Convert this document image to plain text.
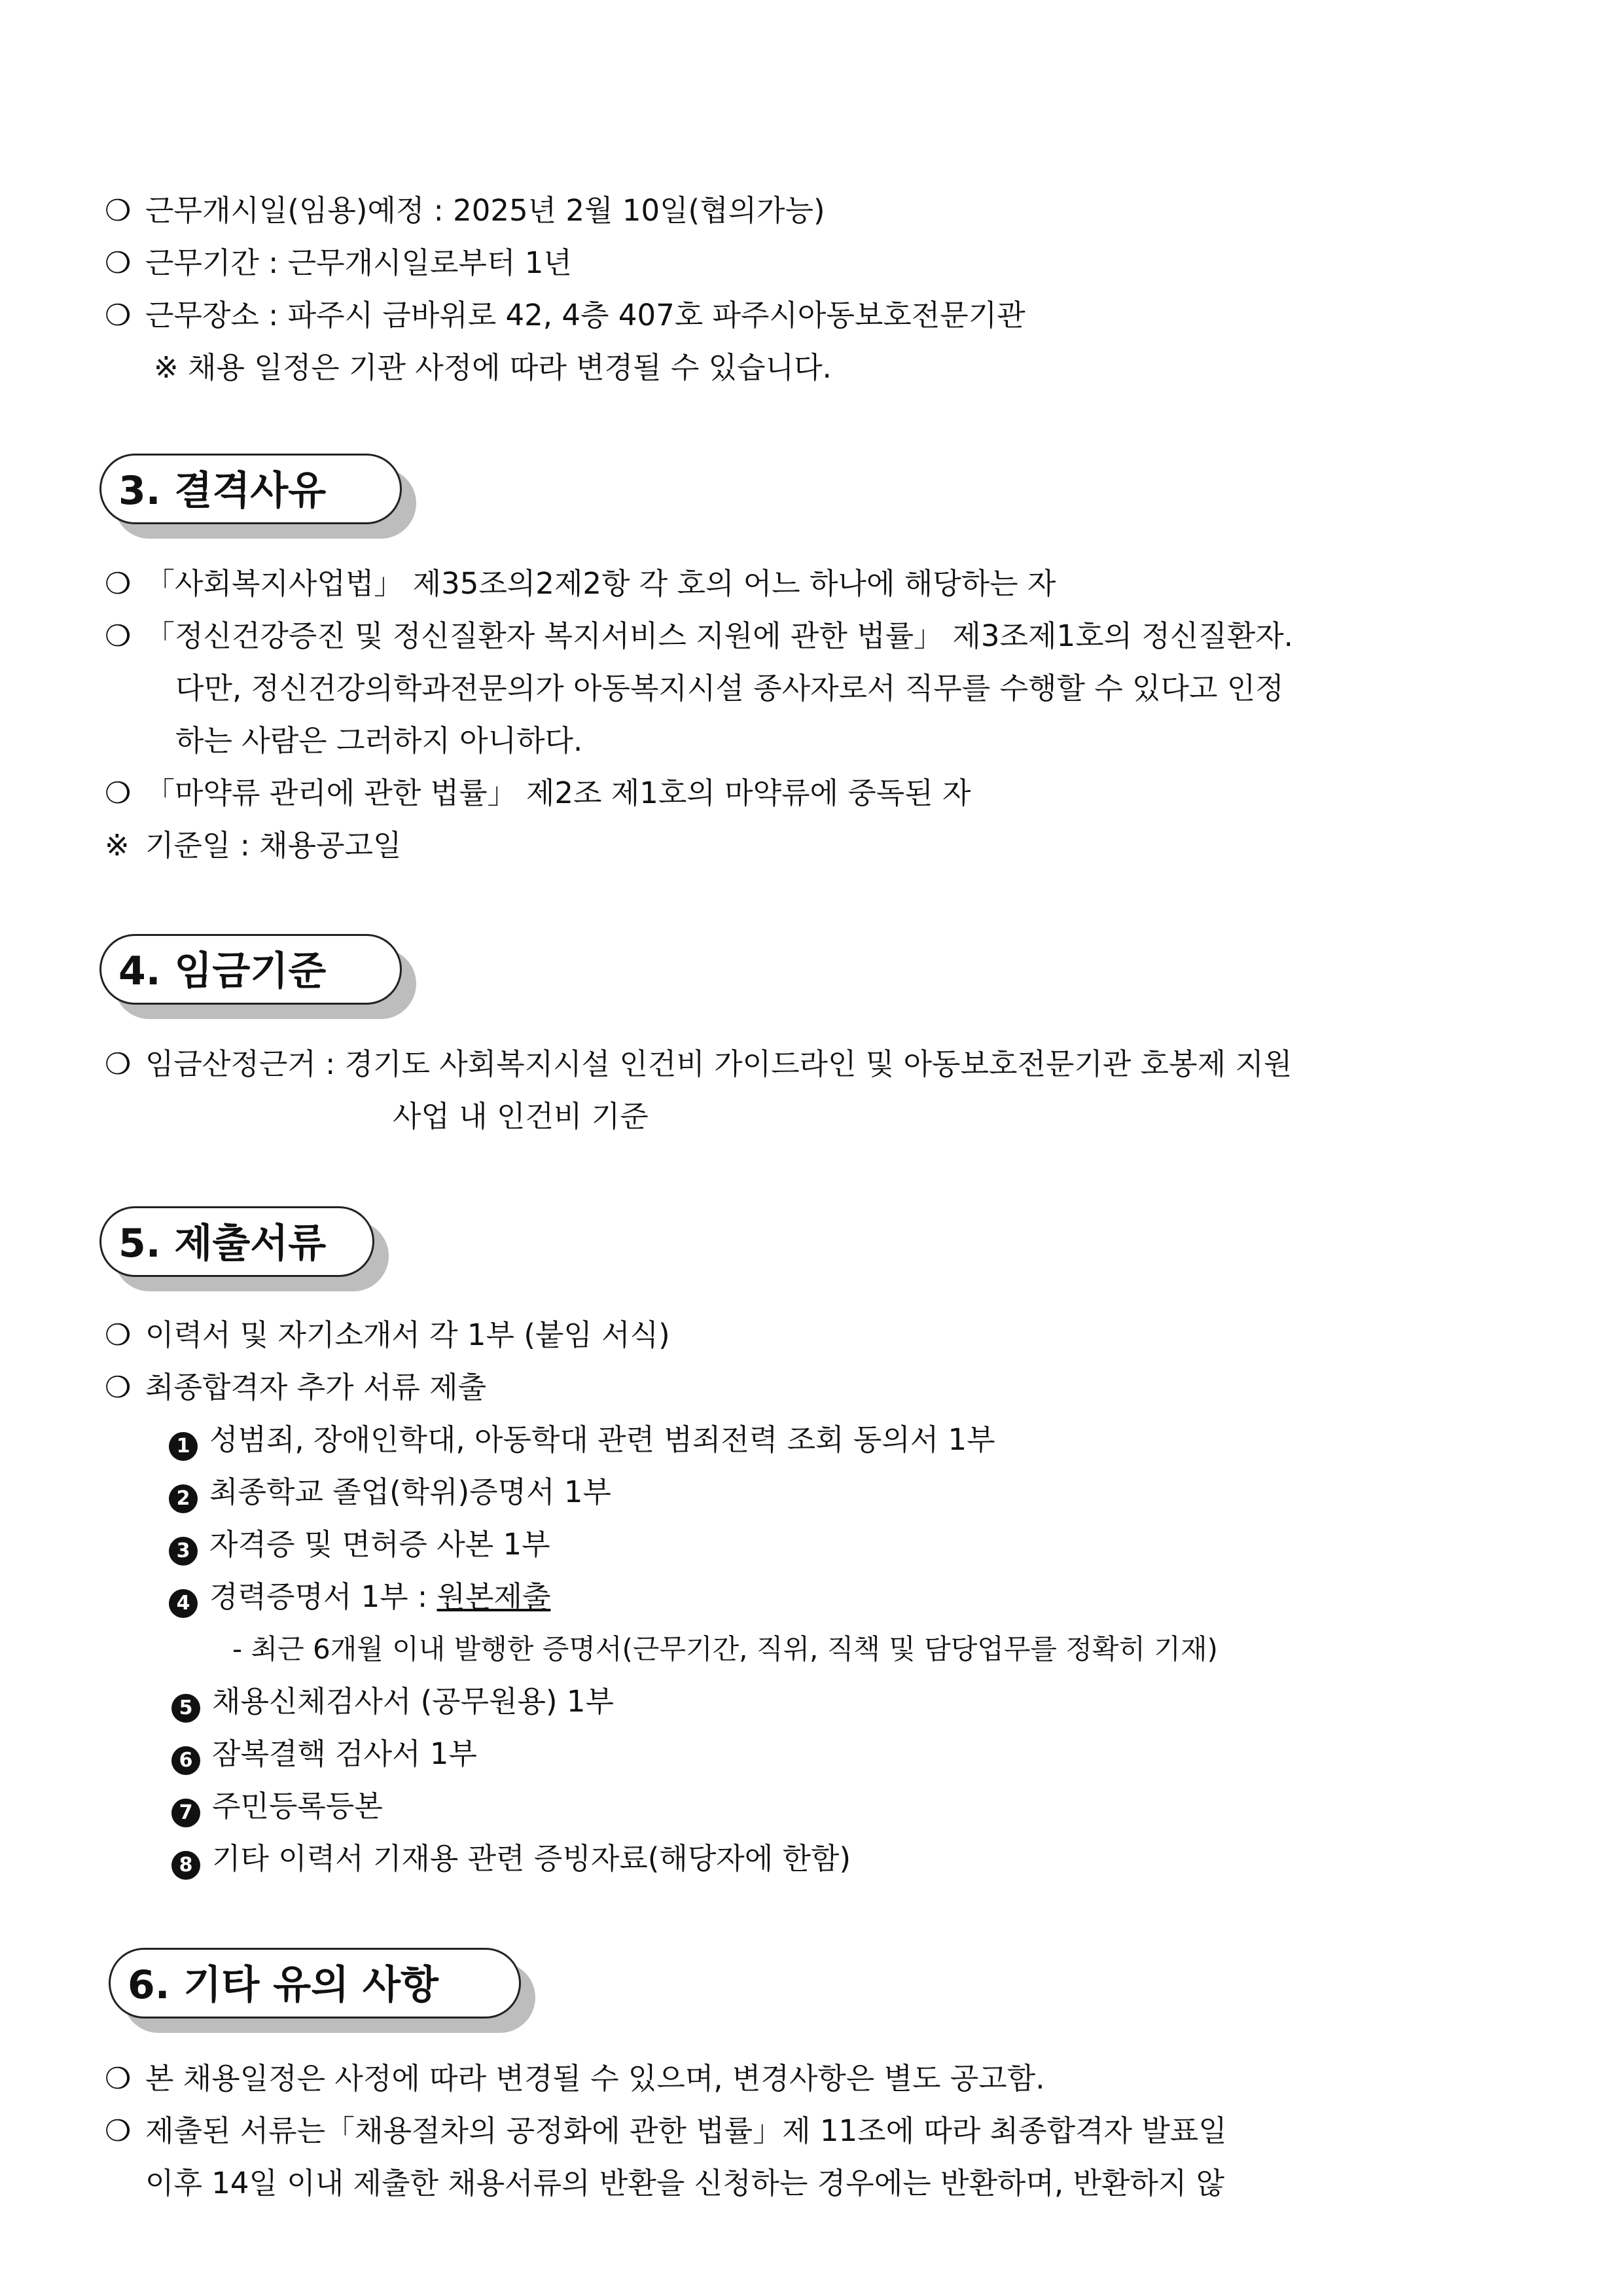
❍ 근무개시일(임용)예정 : 2025년 2월 10일(협의가능)
❍ 근무기간 : 근무개시일로부터 1년
❍ 근무장소 : 파주시 금바위로 42, 4층 407호 파주시아동보호전문기관
※ 채용 일정은 기관 사정에 따라 변경될 수 있습니다.
3. 결격사유
❍ 「사회복지사업법」 제35조의2제2항 각 호의 어느 하나에 해당하는 자
❍ 「정신건강증진 및 정신질환자 복지서비스 지원에 관한 법률」 제3조제1호의 정신질환자.
다만, 정신건강의학과전문의가 아동복지시설 종사자로서 직무를 수행할 수 있다고 인정
하는 사람은 그러하지 아니하다.
❍ 「마약류 관리에 관한 법률」 제2조 제1호의 마약류에 중독된 자
※ 기준일 : 채용공고일
4. 임금기준
❍ 임금산정근거 : 경기도 사회복지시설 인건비 가이드라인 및 아동보호전문기관 호봉제 지원
사업 내 인건비 기준
5. 제출서류
❍ 이력서 및 자기소개서 각 1부 (붙임 서식)
❍ 최종합격자 추가 서류 제출
1 성범죄, 장애인학대, 아동학대 관련 범죄전력 조회 동의서 1부
2 최종학교 졸업(학위)증명서 1부
3 자격증 및 면허증 사본 1부
4 경력증명서 1부 : 원본제출
- 최근 6개월 이내 발행한 증명서(근무기간, 직위, 직책 및 담당업무를 정확히 기재)
5 채용신체검사서 (공무원용) 1부
6 잠복결핵 검사서 1부
7 주민등록등본
8 기타 이력서 기재용 관련 증빙자료(해당자에 한함)
6. 기타 유의 사항
❍ 본 채용일정은 사정에 따라 변경될 수 있으며, 변경사항은 별도 공고함.
❍ 제출된 서류는「채용절차의 공정화에 관한 법률」제 11조에 따라 최종합격자 발표일
이후 14일 이내 제출한 채용서류의 반환을 신청하는 경우에는 반환하며, 반환하지 않
